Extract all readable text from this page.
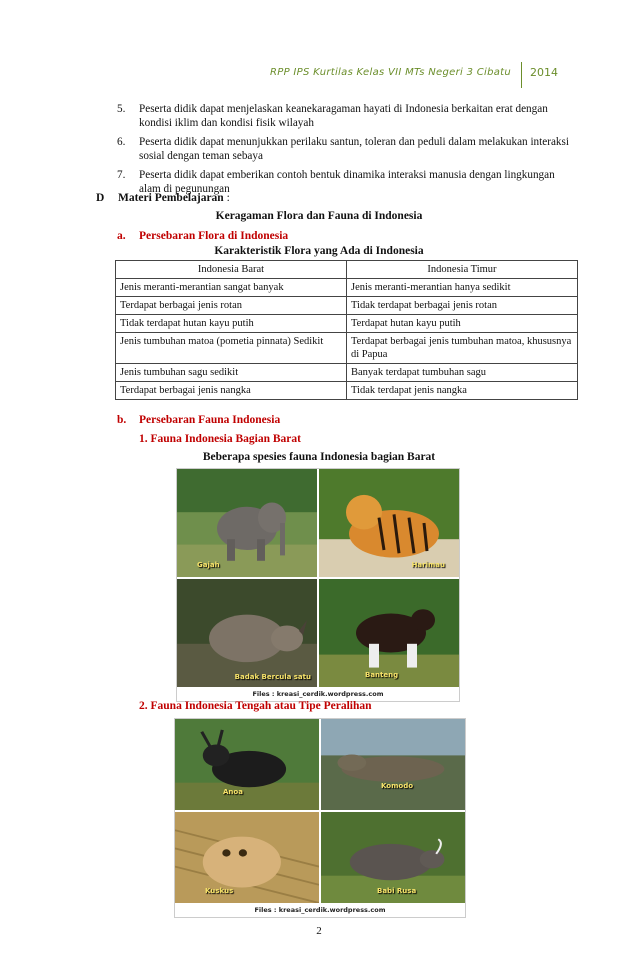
RPP IPS Kurtilas Kelas VII MTs Negeri 3 Cibatu	2014
5.	Peserta didik dapat menjelaskan keanekaragaman hayati di Indonesia berkaitan erat dengan kondisi iklim dan kondisi fisik wilayah
6.	Peserta didik dapat menunjukkan perilaku santun, toleran dan peduli dalam melakukan interaksi sosial dengan teman sebaya
7.	Peserta didik dapat emberikan contoh bentuk dinamika interaksi manusia dengan lingkungan alam di pegunungan
D Materi Pembelajaran :
Keragaman Flora dan Fauna di Indonesia
a. Persebaran Flora di Indonesia
Karakteristik Flora yang Ada di Indonesia
Indonesia Barat	Indonesia Timur
Jenis meranti-merantian sangat banyak	Jenis meranti-merantian hanya sedikit
Terdapat berbagai jenis rotan	Tidak terdapat berbagai jenis rotan
Tidak terdapat hutan kayu putih	Terdapat hutan kayu putih
Jenis tumbuhan matoa (pometia pinnata) Sedikit	Terdapat berbagai jenis tumbuhan matoa, khususnya di Papua
Jenis tumbuhan sagu sedikit	Banyak terdapat tumbuhan sagu
Terdapat berbagai jenis nangka	Tidak terdapat jenis nangka
b. Persebaran Fauna Indonesia
1. Fauna Indonesia Bagian Barat
Beberapa spesies fauna Indonesia bagian Barat
Gajah	Harimau
Badak Bercula satu	Banteng
Files : kreasi_cerdik.wordpress.com
2. Fauna Indonesia Tengah atau Tipe Peralihan
Anoa
Komodo
Kuskus	Babi Rusa
Files : kreasi_cerdik.wordpress.com
2
